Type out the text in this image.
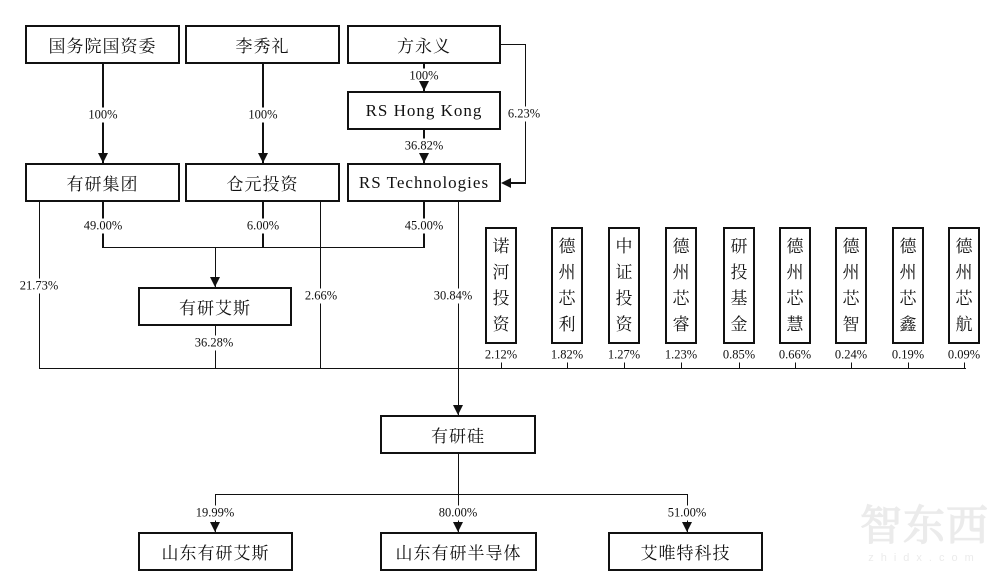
100%	100%
100%
36.82%
6.23%
21.73%
49.00%	6.00%
2.66%
45.00%
30.84%
36.28%
2.12%	1.82% 1.27% 1.23% 0.85% 0.66% 0.24% 0.19% 0.09%
19.99%	80.00%	51.00%
国务院国资委	李秀礼	方永义
RS Hong Kong
有研集团	仓元投资	RS Technologies
有研艾斯
诺河投资
德州芯利
中证投资
德州芯睿
研投基金
德州芯慧
德州芯智
德州芯鑫
德州芯航
有研硅
山东有研艾斯	山东有研半导体	艾唯特科技
智东西
zhidx.com
